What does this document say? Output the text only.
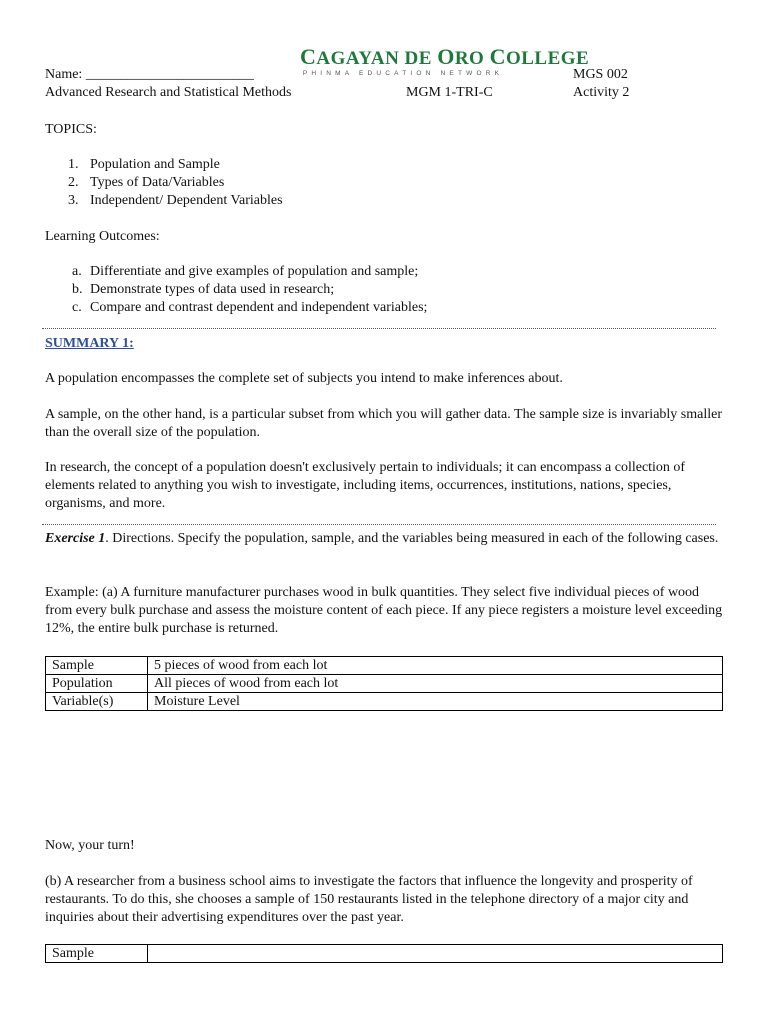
CAGAYAN DE ORO COLLEGE
PHINMA EDUCATION NETWORK
Name: ________________________	MGS 002
Advanced Research and Statistical Methods	MGM 1-TRI-C	Activity 2
TOPICS:
1. Population and Sample
2. Types of Data/Variables
3. Independent/ Dependent Variables
Learning Outcomes:
a. Differentiate and give examples of population and sample;
b. Demonstrate types of data used in research;
c. Compare and contrast dependent and independent variables;
SUMMARY 1:
A population encompasses the complete set of subjects you intend to make inferences about.
A sample, on the other hand, is a particular subset from which you will gather data. The sample size is invariably smaller than the overall size of the population.
In research, the concept of a population doesn't exclusively pertain to individuals; it can encompass a collection of elements related to anything you wish to investigate, including items, occurrences, institutions, nations, species, organisms, and more.
Exercise 1. Directions. Specify the population, sample, and the variables being measured in each of the following cases.
Example: (a) A furniture manufacturer purchases wood in bulk quantities. They select five individual pieces of wood from every bulk purchase and assess the moisture content of each piece. If any piece registers a moisture level exceeding 12%, the entire bulk purchase is returned.
Sample	5 pieces of wood from each lot
Population	All pieces of wood from each lot
Variable(s)	Moisture Level
Now, your turn!
(b) A researcher from a business school aims to investigate the factors that influence the longevity and prosperity of restaurants. To do this, she chooses a sample of 150 restaurants listed in the telephone directory of a major city and inquiries about their advertising expenditures over the past year.
Sample	
